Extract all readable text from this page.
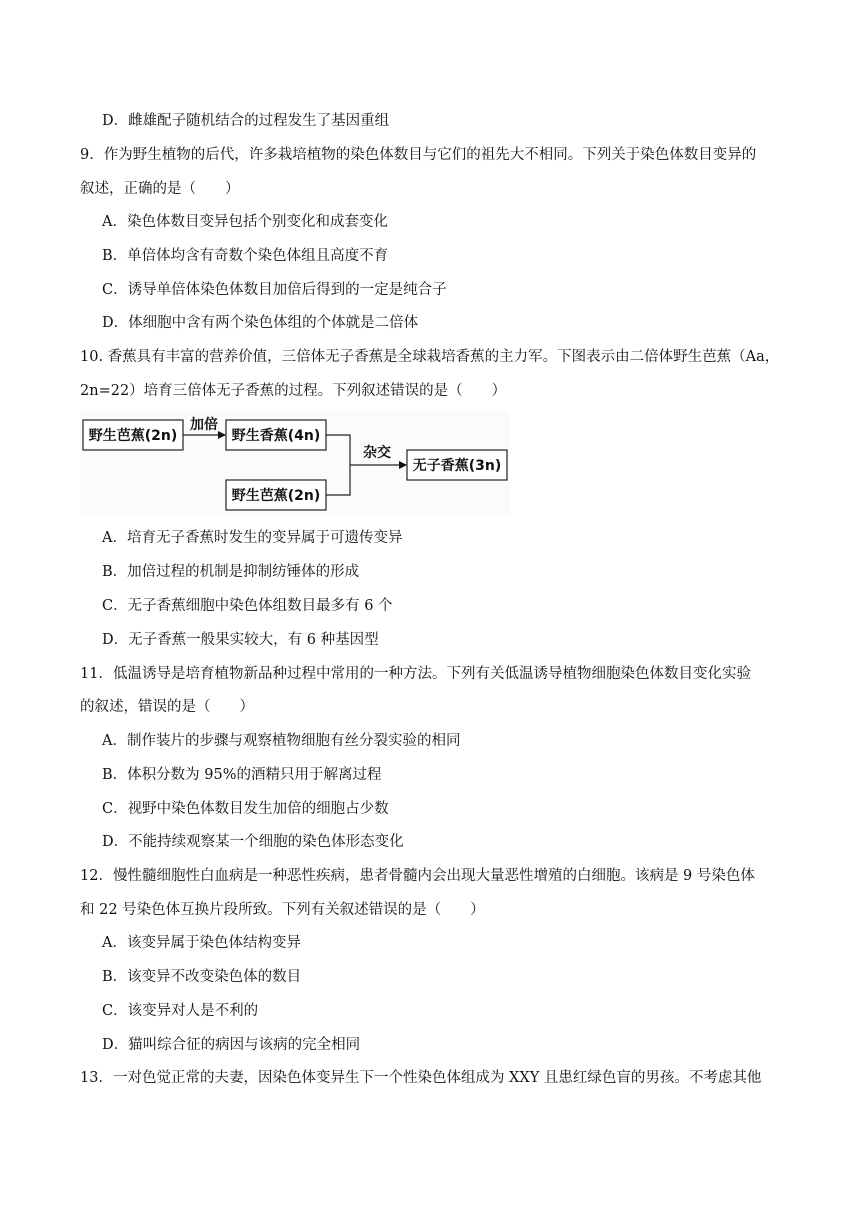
D．雌雄配子随机结合的过程发生了基因重组
9．作为野生植物的后代，许多栽培植物的染色体数目与它们的祖先大不相同。下列关于染色体数目变异的
叙述，正确的是（　　）
A．染色体数目变异包括个别变化和成套变化
B．单倍体均含有奇数个染色体组且高度不育
C．诱导单倍体染色体数目加倍后得到的一定是纯合子
D．体细胞中含有两个染色体组的个体就是二倍体
10. 香蕉具有丰富的营养价值，三倍体无子香蕉是全球栽培香蕉的主力军。下图表示由二倍体野生芭蕉（Aa，
2n=22）培育三倍体无子香蕉的过程。下列叙述错误的是（　　）
野生芭蕉(2n)
加倍
野生香蕉(4n)
野生芭蕉(2n)
杂交
无子香蕉(3n)
A．培育无子香蕉时发生的变异属于可遗传变异
B．加倍过程的机制是抑制纺锤体的形成
C．无子香蕉细胞中染色体组数目最多有 6 个
D．无子香蕉一般果实较大，有 6 种基因型
11．低温诱导是培育植物新品种过程中常用的一种方法。下列有关低温诱导植物细胞染色体数目变化实验
的叙述，错误的是（　　）
A．制作装片的步骤与观察植物细胞有丝分裂实验的相同
B．体积分数为 95%的酒精只用于解离过程
C．视野中染色体数目发生加倍的细胞占少数
D．不能持续观察某一个细胞的染色体形态变化
12．慢性髓细胞性白血病是一种恶性疾病，患者骨髓内会出现大量恶性增殖的白细胞。该病是 9 号染色体
和 22 号染色体互换片段所致。下列有关叙述错误的是（　　）
A．该变异属于染色体结构变异
B．该变异不改变染色体的数目
C．该变异对人是不利的
D．猫叫综合征的病因与该病的完全相同
13．一对色觉正常的夫妻，因染色体变异生下一个性染色体组成为 XXY 且患红绿色盲的男孩。不考虑其他
